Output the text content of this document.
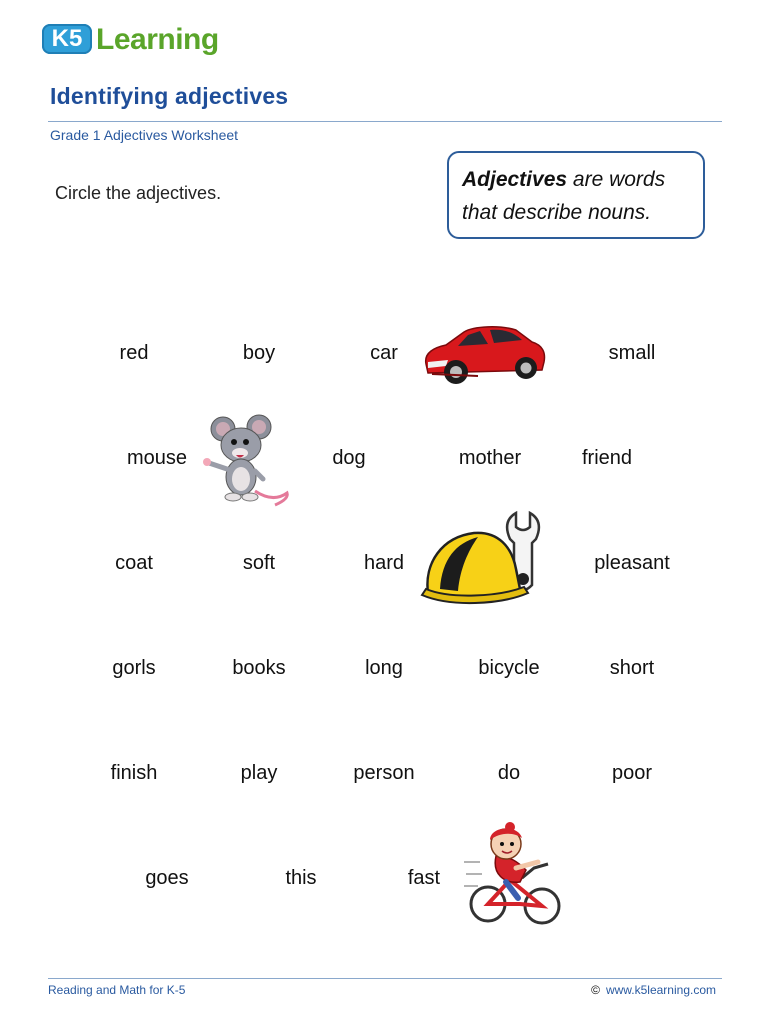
K5 Learning
Identifying adjectives
Grade 1 Adjectives Worksheet
Circle the adjectives.
Adjectives are words that describe nouns.
red	boy	car	small
mouse	dog	mother	friend
coat	soft	hard	pleasant
gorls	books	long	bicycle	short
finish	play	person	do	poor
goes	this	fast
Reading and Math for K-5	© www.k5learning.com
